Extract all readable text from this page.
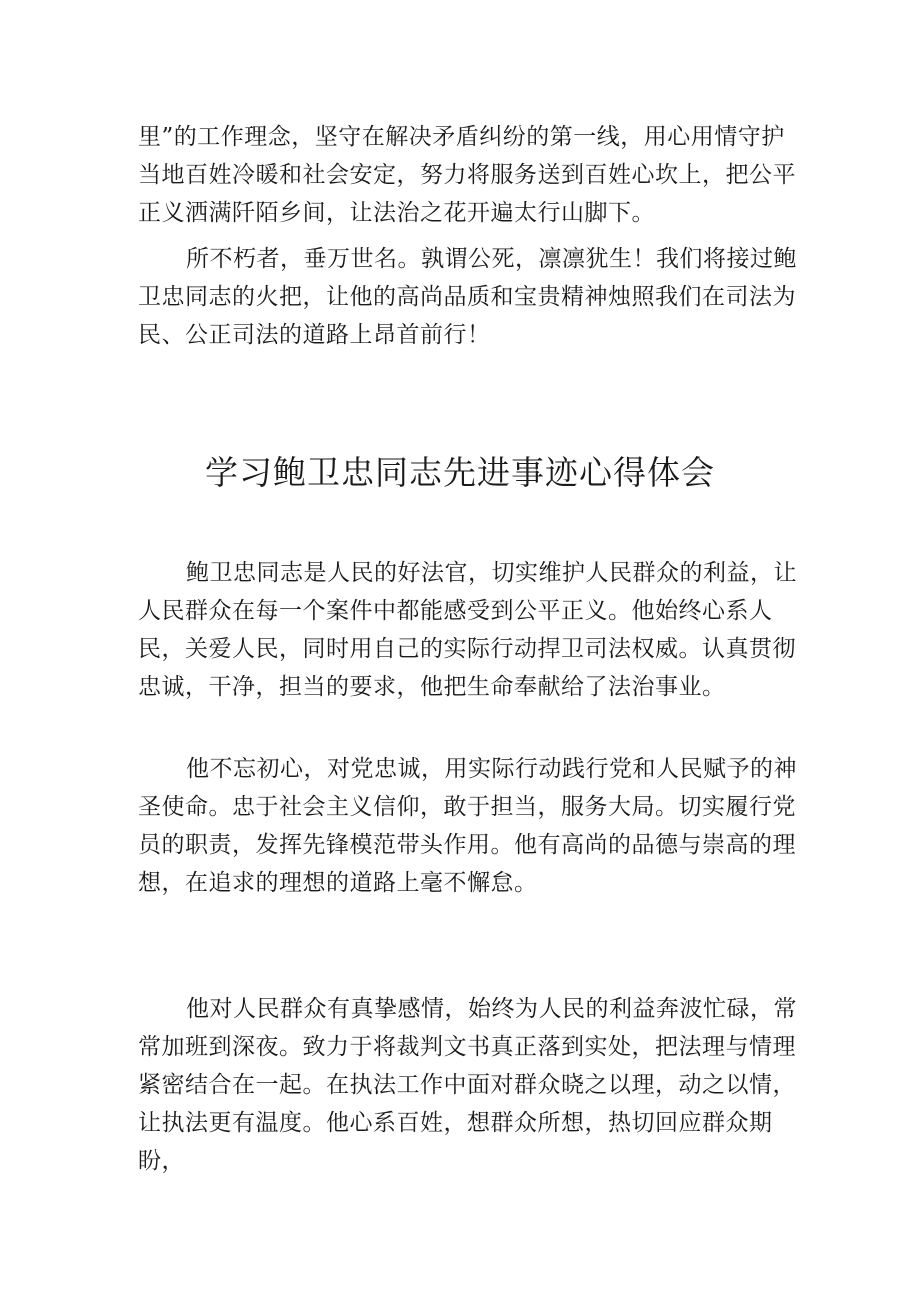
里”的工作理念，坚守在解决矛盾纠纷的第一线，用心用情守护当地百姓冷暖和社会安定，努力将服务送到百姓心坎上，把公平正义洒满阡陌乡间，让法治之花开遍太行山脚下。

所不朽者，垂万世名。孰谓公死，凛凛犹生！我们将接过鲍卫忠同志的火把，让他的高尚品质和宝贵精神烛照我们在司法为民、公正司法的道路上昂首前行！

学习鲍卫忠同志先进事迹心得体会

鲍卫忠同志是人民的好法官，切实维护人民群众的利益，让人民群众在每一个案件中都能感受到公平正义。他始终心系人民，关爱人民，同时用自己的实际行动捍卫司法权威。认真贯彻忠诚，干净，担当的要求，他把生命奉献给了法治事业。

他不忘初心，对党忠诚，用实际行动践行党和人民赋予的神圣使命。忠于社会主义信仰，敢于担当，服务大局。切实履行党员的职责，发挥先锋模范带头作用。他有高尚的品德与崇高的理想，在追求的理想的道路上毫不懈怠。

他对人民群众有真挚感情，始终为人民的利益奔波忙碌，常常加班到深夜。致力于将裁判文书真正落到实处，把法理与情理紧密结合在一起。在执法工作中面对群众晓之以理，动之以情，让执法更有温度。他心系百姓，想群众所想，热切回应群众期盼，
